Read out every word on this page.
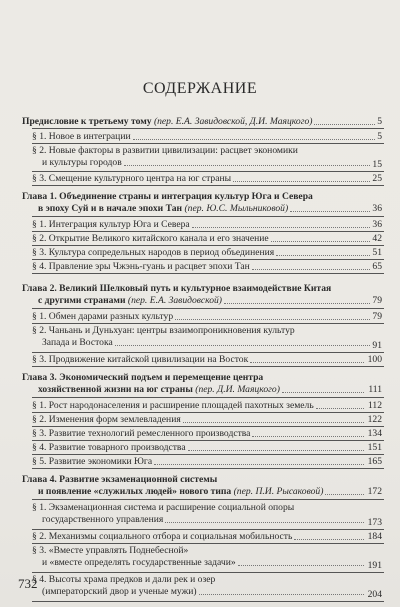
СОДЕРЖАНИЕ
Предисловие к третьему тому (пер. Е.А. Завидовской, Д.И. Маяцкого)	5
§ 1. Новое в интеграции	5
§ 2. Новые факторы в развитии цивилизации: расцвет экономики
и культуры городов	15
§ 3. Смещение культурного центра на юг страны	25
Глава 1. Объединение страны и интеграция культур Юга и Севера
в эпоху Суй и в начале эпохи Тан (пер. Ю.С. Мыльниковой)	36
§ 1. Интеграция культур Юга и Севера	36
§ 2. Открытие Великого китайского канала и его значение	42
§ 3. Культура сопредельных народов в период объединения	51
§ 4. Правление эры Чжэнь-гуань и расцвет эпохи Тан	65
Глава 2. Великий Шелковый путь и культурное взаимодействие Китая
с другими странами (пер. Е.А. Завидовской)	79
§ 1. Обмен дарами разных культур	79
§ 2. Чаньань и Дуньхуан: центры взаимопроникновения культур
Запада и Востока	91
§ 3. Продвижение китайской цивилизации на Восток	100
Глава 3. Экономический подъем и перемещение центра
хозяйственной жизни на юг страны (пер. Д.И. Маяцкого)	111
§ 1. Рост народонаселения и расширение площадей пахотных земель	112
§ 2. Изменения форм землевладения	122
§ 3. Развитие технологий ремесленного производства	134
§ 4. Развитие товарного производства	151
§ 5. Развитие экономики Юга	165
Глава 4. Развитие экзаменационной системы
и появление «служилых людей» нового типа (пер. П.И. Рысаковой)	172
§ 1. Экзаменационная система и расширение социальной опоры
государственного управления	173
§ 2. Механизмы социального отбора и социальная мобильность	184
§ 3. «Вместе управлять Поднебесной»
и «вместе определять государственные задачи»	191
§ 4. Высоты храма предков и дали рек и озер
(императорский двор и ученые мужи)	204
732
